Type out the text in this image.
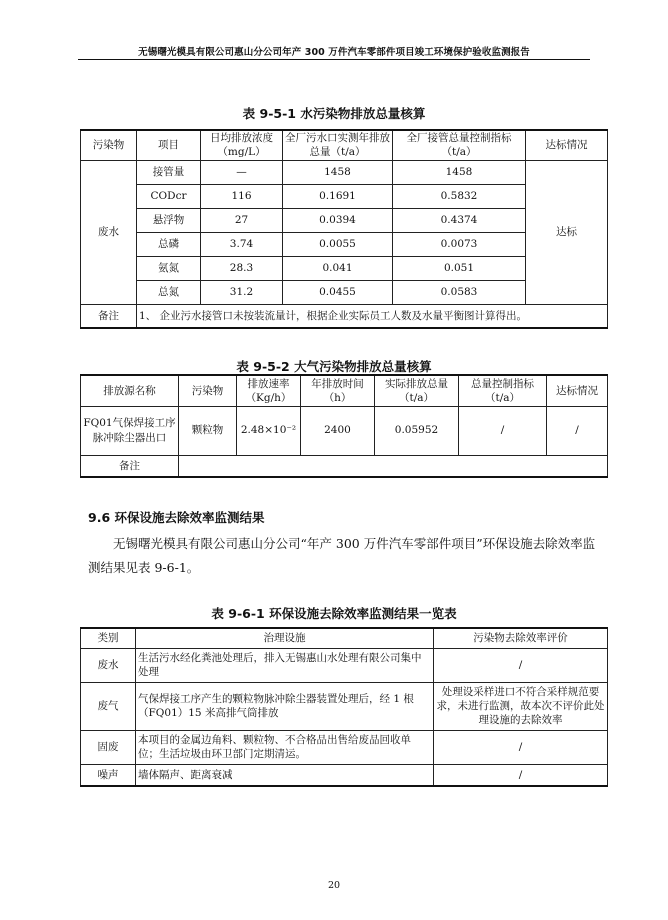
无锡曙光模具有限公司惠山分公司年产 300 万件汽车零部件项目竣工环境保护验收监测报告
表 9-5-1 水污染物排放总量核算
污染物	项目	日均排放浓度（mg/L）	全厂污水口实测年排放总量（t/a）	全厂接管总量控制指标（t/a）	达标情况
废水	接管量	—	1458	1458	达标
	CODcr	116	0.1691	0.5832	
	悬浮物	27	0.0394	0.4374	
	总磷	3.74	0.0055	0.0073	
	氨氮	28.3	0.041	0.051	
	总氮	31.2	0.0455	0.0583	
备注	1、 企业污水接管口未按装流量计，根据企业实际员工人数及水量平衡图计算得出。				
表 9-5-2 大气污染物排放总量核算
排放源名称	污染物	排放速率（Kg/h）	年排放时间（h）	实际排放总量（t/a）	总量控制指标（t/a）	达标情况
FQ01气保焊接工序脉冲除尘器出口	颗粒物	2.48×10⁻²	2400	0.05952	/	/
备注						
9.6 环保设施去除效率监测结果
无锡曙光模具有限公司惠山分公司“年产 300 万件汽车零部件项目”环保设施去除效率监测结果见表 9-6-1。
表 9-6-1 环保设施去除效率监测结果一览表
类别	治理设施	污染物去除效率评价
废水	生活污水经化粪池处理后，排入无锡惠山水处理有限公司集中处理	/
废气	气保焊接工序产生的颗粒物脉冲除尘器装置处理后，经 1 根（FQ01）15 米高排气筒排放	处理设采样进口不符合采样规范要求，未进行监测，故本次不评价此处理设施的去除效率
固废	本项目的金属边角料、颗粒物、不合格品出售给废品回收单位；生活垃圾由环卫部门定期清运。	/
噪声	墙体隔声、距离衰减	/
20
